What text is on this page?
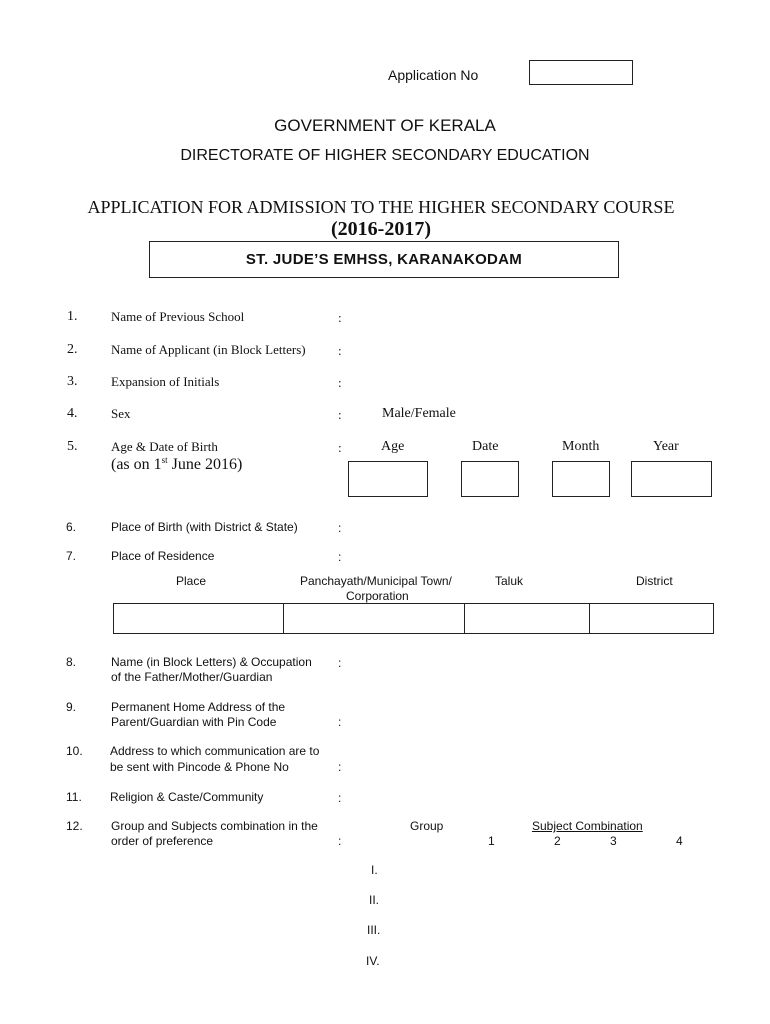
Application No
GOVERNMENT OF KERALA
DIRECTORATE OF HIGHER SECONDARY EDUCATION
APPLICATION FOR ADMISSION TO THE HIGHER SECONDARY COURSE
(2016-2017)
ST. JUDE’S EMHSS, KARANAKODAM
1.	Name of Previous School	:
2.	Name of Applicant (in Block Letters) :
3.	Expansion of Initials	:
4.	Sex	:	Male/Female
5.	Age & Date of Birth
(as on 1st June 2016)
:	Age	Date	Month	Year
6.	Place of Birth (with District & State)	:
7.	Place of Residence	:
Place	Panchayath/Municipal Town/
Corporation
Taluk	District
8.	Name (in Block Letters) & Occupation
of the Father/Mother/Guardian
:
9.	Permanent Home Address of the
Parent/Guardian with Pin Code	:
10. Address to which communication are to
be sent with Pincode & Phone No	:
11. Religion & Caste/Community	:
12. Group and Subjects combination in the
order of preference	:
Group	Subject Combination
1	2	3	4
I.
II.
III.
IV.
